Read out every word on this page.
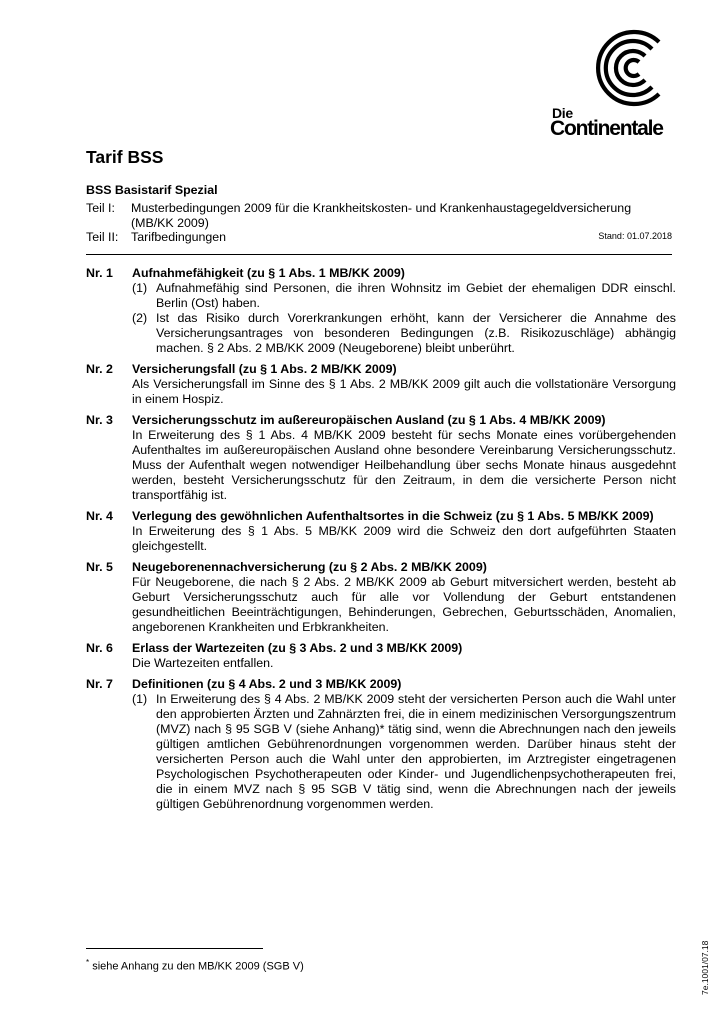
Die
Continentale
Tarif BSS
BSS Basistarif Spezial
Teil I:	Musterbedingungen 2009 für die Krankheitskosten- und Krankenhaustagegeldversicherung (MB/KK 2009)
Teil II:	Tarifbedingungen	Stand: 01.07.2018
Nr. 1	Aufnahmefähigkeit (zu § 1 Abs. 1 MB/KK 2009)
(1) Aufnahmefähig sind Personen, die ihren Wohnsitz im Gebiet der ehemaligen DDR einschl. Berlin (Ost) haben.
(2) Ist das Risiko durch Vorerkrankungen erhöht, kann der Versicherer die Annahme des Versicherungsantrages von besonderen Bedingungen (z.B. Risikozuschläge) abhängig machen. § 2 Abs. 2 MB/KK 2009 (Neugeborene) bleibt unberührt.
Nr. 2	Versicherungsfall (zu § 1 Abs. 2 MB/KK 2009)
Als Versicherungsfall im Sinne des § 1 Abs. 2 MB/KK 2009 gilt auch die vollstationäre Versorgung in einem Hospiz.
Nr. 3	Versicherungsschutz im außereuropäischen Ausland (zu § 1 Abs. 4 MB/KK 2009)
In Erweiterung des § 1 Abs. 4 MB/KK 2009 besteht für sechs Monate eines vorübergehenden Aufenthaltes im außereuropäischen Ausland ohne besondere Vereinbarung Versicherungsschutz. Muss der Aufenthalt wegen notwendiger Heilbehandlung über sechs Monate hinaus ausgedehnt werden, besteht Versicherungsschutz für den Zeitraum, in dem die versicherte Person nicht transportfähig ist.
Nr. 4	Verlegung des gewöhnlichen Aufenthaltsortes in die Schweiz (zu § 1 Abs. 5 MB/KK 2009)
In Erweiterung des § 1 Abs. 5 MB/KK 2009 wird die Schweiz den dort aufgeführten Staaten gleichgestellt.
Nr. 5	Neugeborenennachversicherung (zu § 2 Abs. 2 MB/KK 2009)
Für Neugeborene, die nach § 2 Abs. 2 MB/KK 2009 ab Geburt mitversichert werden, besteht ab Geburt Versicherungsschutz auch für alle vor Vollendung der Geburt entstandenen gesundheitlichen Beeinträchtigungen, Behinderungen, Gebrechen, Geburtsschäden, Anomalien, angeborenen Krankheiten und Erbkrankheiten.
Nr. 6	Erlass der Wartezeiten (zu § 3 Abs. 2 und 3 MB/KK 2009)
Die Wartezeiten entfallen.
Nr. 7	Definitionen (zu § 4 Abs. 2 und 3 MB/KK 2009)
(1) In Erweiterung des § 4 Abs. 2 MB/KK 2009 steht der versicherten Person auch die Wahl unter den approbierten Ärzten und Zahnärzten frei, die in einem medizinischen Versorgungszentrum (MVZ) nach § 95 SGB V (siehe Anhang)* tätig sind, wenn die Abrechnungen nach den jeweils gültigen amtlichen Gebührenordnungen vorgenommen werden. Darüber hinaus steht der versicherten Person auch die Wahl unter den approbierten, im Arztregister eingetragenen Psychologischen Psychotherapeuten oder Kinder- und Jugendlichenpsychotherapeuten frei, die in einem MVZ nach § 95 SGB V tätig sind, wenn die Abrechnungen nach der jeweils gültigen Gebührenordnung vorgenommen werden.
* siehe Anhang zu den MB/KK 2009 (SGB V)	7e.1001/07.18
